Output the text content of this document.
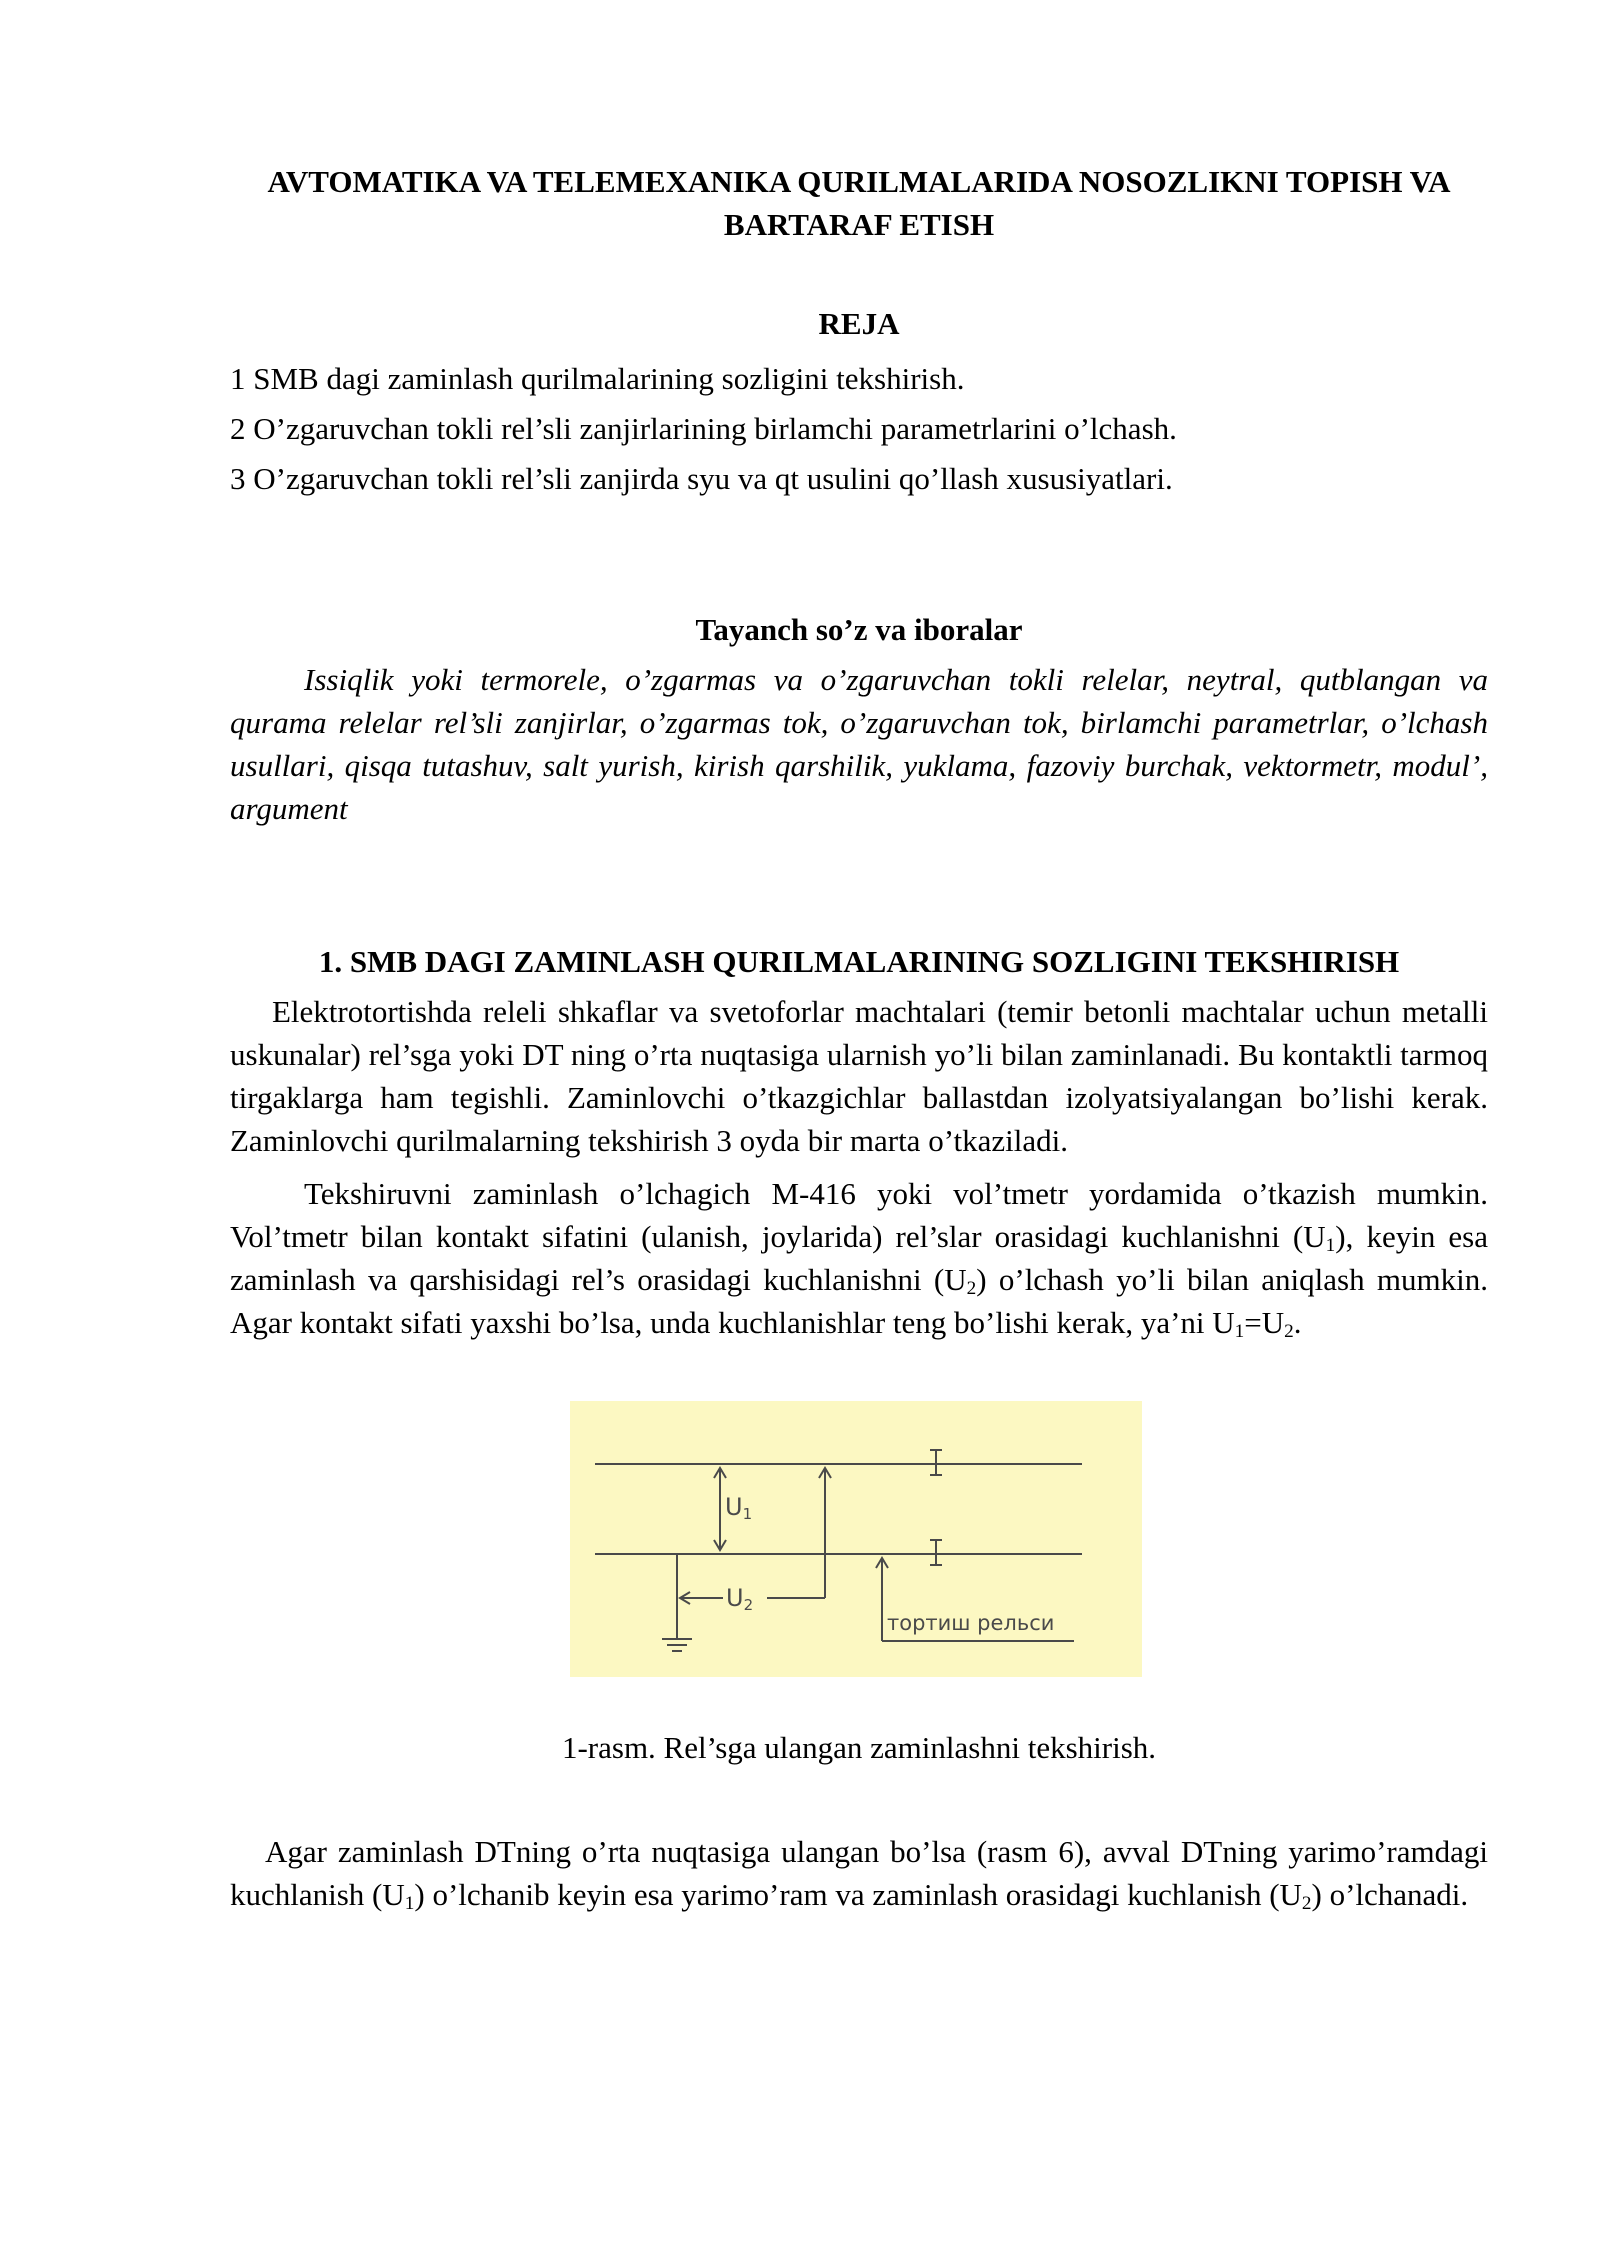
AVTOMATIKA VA TELEMEXANIKA QURILMALARIDA NOSOZLIKNI TOPISH VA
BARTARAF ETISH
REJA
1 SMB dagi zaminlash qurilmalarining sozligini tekshirish.
2 O’zgaruvchan tokli rel’sli zanjirlarining birlamchi parametrlarini o’lchash.
3 O’zgaruvchan tokli rel’sli zanjirda syu va qt usulini qo’llash xususiyatlari.
Tayanch so’z va iboralar

Issiqlik yoki termorele, o’zgarmas va o’zgaruvchan tokli relelar, neytral, qutblangan va qurama relelar rel’sli zanjirlar, o’zgarmas tok, o’zgaruvchan tok, birlamchi parametrlar, o’lchash usullari, qisqa tutashuv, salt yurish, kirish qarshilik, yuklama, fazoviy burchak, vektormetr, modul’, argument

1. SMB DAGI ZAMINLASH QURILMALARINING SOZLIGINI TEKSHIRISH

Elektrotortishda releli shkaflar va svetoforlar machtalari (temir betonli machtalar uchun metalli uskunalar) rel’sga yoki DT ning o’rta nuqtasiga ularnish yo’li bilan zaminlanadi. Bu kontaktli tarmoq tirgaklarga ham tegishli. Zaminlovchi o’tkazgichlar ballastdan izolyatsiyalangan bo’lishi kerak. Zaminlovchi qurilmalarning tekshirish 3 oyda bir marta o’tkaziladi.

Tekshiruvni zaminlash o’lchagich M-416 yoki vol’tmetr yordamida o’tkazish mumkin. Vol’tmetr bilan kontakt sifatini (ulanish, joylarida) rel’slar orasidagi kuchlanishni $(U_1)$, keyin esa zaminlash va qarshisidagi rel’s orasidagi kuchlanishni $(U_2)$ o’lchash yo’li bilan aniqlash mumkin. Agar kontakt sifati yaxshi bo’lsa, unda kuchlanishlar teng bo’lishi kerak, ya’ni $U_1=U_2$.

U1
U2
тортиш рельси

1-rasm. Rel’sga ulangan zaminlashni tekshirish.

Agar zaminlash DTning o’rta nuqtasiga ulangan bo’lsa (rasm 6), avval DTning yarimo’ramdagi kuchlanish $(U_1)$ o’lchanib keyin esa yarimo’ram va zaminlash orasidagi kuchlanish $(U_2)$ o’lchanadi.
